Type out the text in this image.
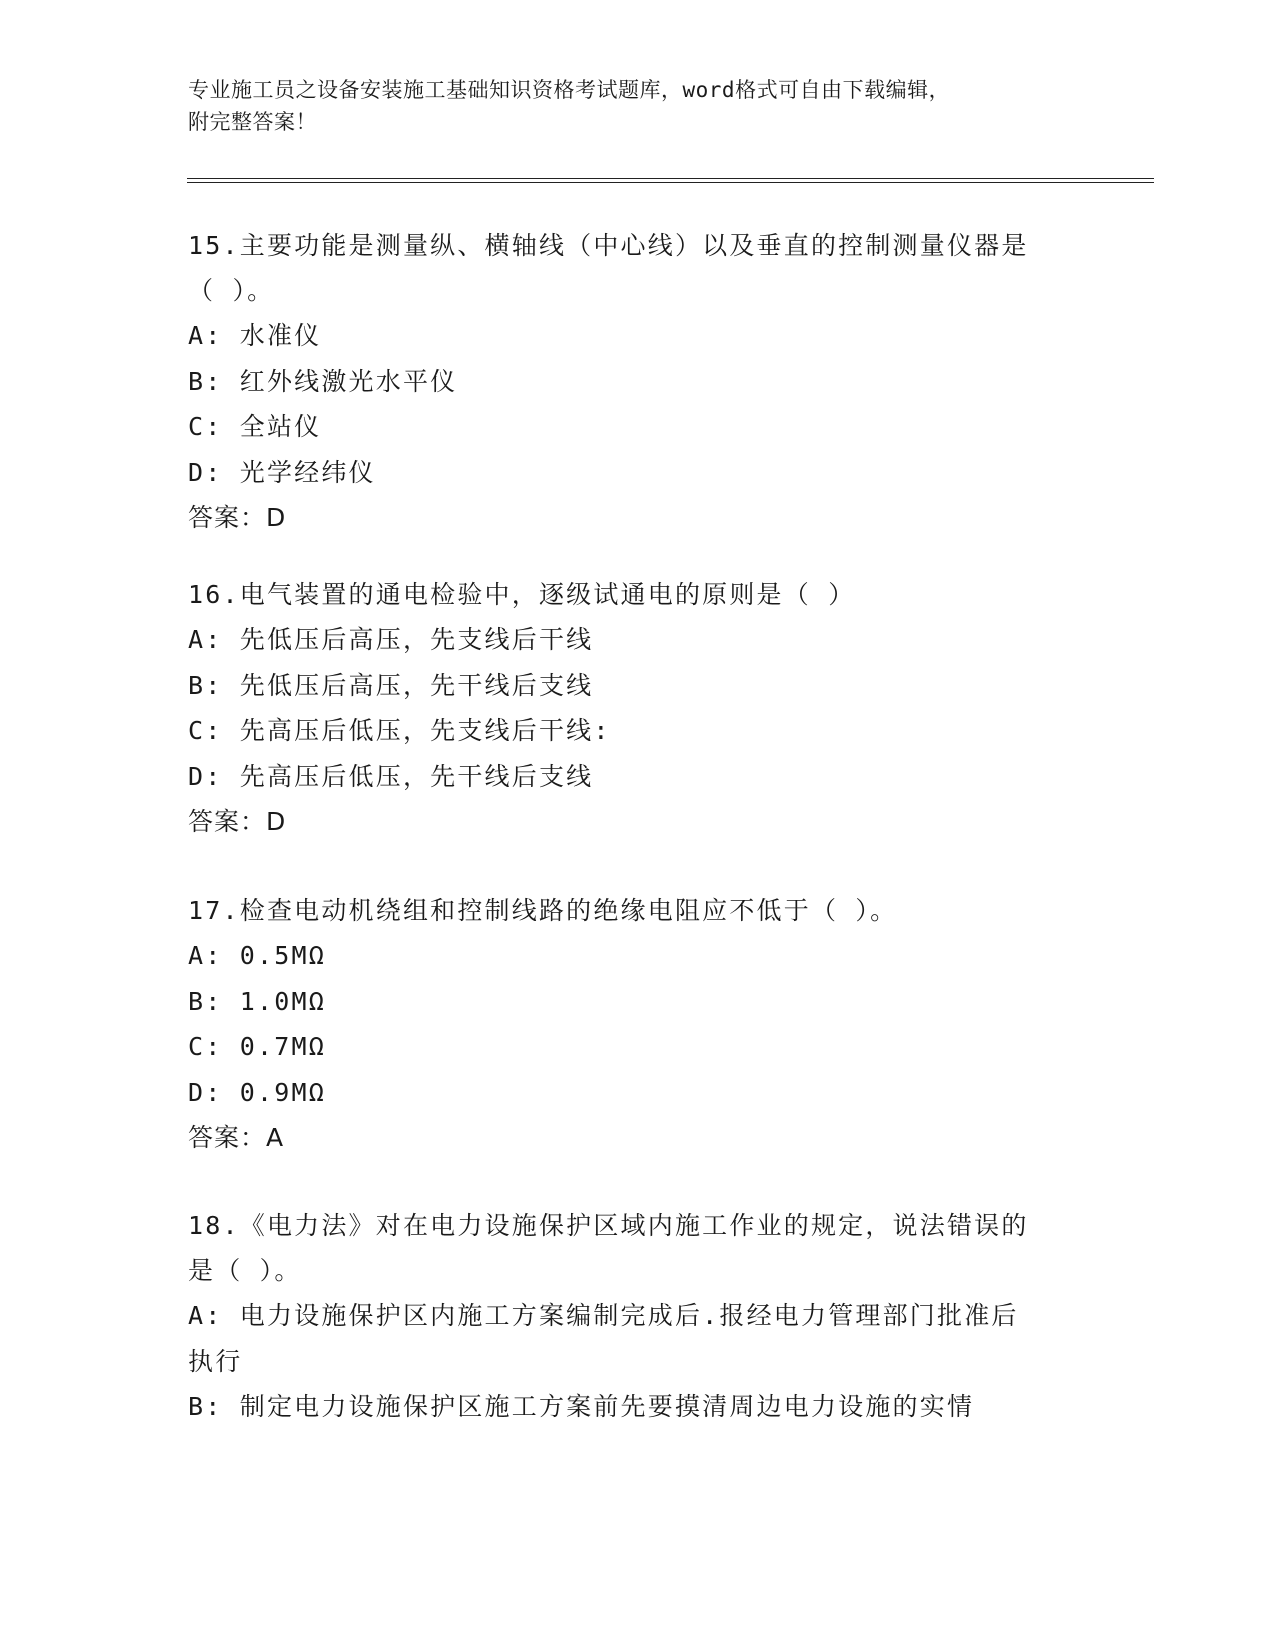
专业施工员之设备安装施工基础知识资格考试题库，word格式可自由下载编辑，
附完整答案！

15.主要功能是测量纵、横轴线（中心线）以及垂直的控制测量仪器是

（ ）。

A: 水准仪

B: 红外线激光水平仪

C: 全站仪

D: 光学经纬仪

答案：D

16.电气装置的通电检验中，逐级试通电的原则是（ ）

A: 先低压后高压，先支线后干线

B: 先低压后高压，先干线后支线

C: 先高压后低压，先支线后干线:

D: 先高压后低压，先干线后支线

答案：D

17.检查电动机绕组和控制线路的绝缘电阻应不低于（ ）。

A: 0.5MΩ

B: 1.0MΩ

C: 0.7MΩ

D: 0.9MΩ

答案：A

18.《电力法》对在电力设施保护区域内施工作业的规定，说法错误的

是（ ）。

A: 电力设施保护区内施工方案编制完成后.报经电力管理部门批准后

执行

B: 制定电力设施保护区施工方案前先要摸清周边电力设施的实情
